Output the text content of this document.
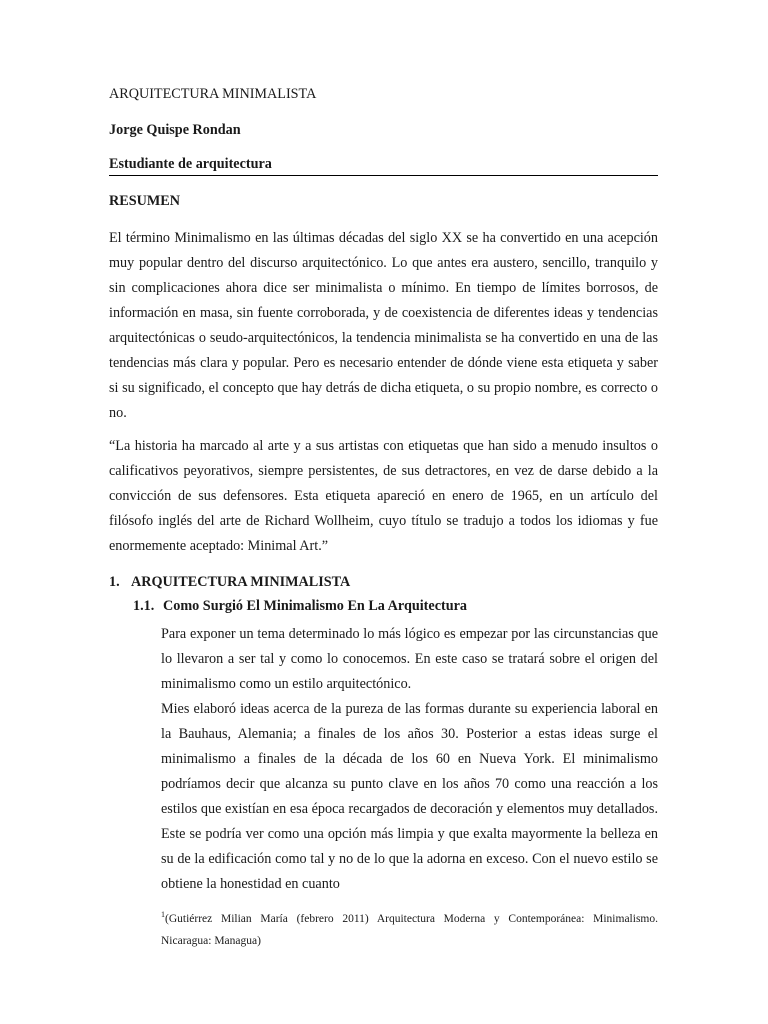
ARQUITECTURA MINIMALISTA
Jorge Quispe Rondan
Estudiante de arquitectura
RESUMEN
El término Minimalismo en las últimas décadas del siglo XX se ha convertido en una acepción muy popular dentro del discurso arquitectónico. Lo que antes era austero, sencillo, tranquilo y sin complicaciones ahora dice ser minimalista o mínimo. En tiempo de límites borrosos, de información en masa, sin fuente corroborada, y de coexistencia de diferentes ideas y tendencias arquitectónicas o seudo-arquitectónicos, la tendencia minimalista se ha convertido en una de las tendencias más clara y popular. Pero es necesario entender de dónde viene esta etiqueta y saber si su significado, el concepto que hay detrás de dicha etiqueta, o su propio nombre, es correcto o no.
“La historia ha marcado al arte y a sus artistas con etiquetas que han sido a menudo insultos o calificativos peyorativos, siempre persistentes, de sus detractores, en vez de darse debido a la convicción de sus defensores. Esta etiqueta apareció en enero de 1965, en un artículo del filósofo inglés del arte de Richard Wollheim, cuyo título se tradujo a todos los idiomas y fue enormemente aceptado: Minimal Art.”
1. ARQUITECTURA MINIMALISTA
1.1. Como Surgió El Minimalismo En La Arquitectura
Para exponer un tema determinado lo más lógico es empezar por las circunstancias que lo llevaron a ser tal y como lo conocemos. En este caso se tratará sobre el origen del minimalismo como un estilo arquitectónico.
Mies elaboró ideas acerca de la pureza de las formas durante su experiencia laboral en la Bauhaus, Alemania; a finales de los años 30. Posterior a estas ideas surge el minimalismo a finales de la década de los 60 en Nueva York. El minimalismo podríamos decir que alcanza su punto clave en los años 70 como una reacción a los estilos que existían en esa época recargados de decoración y elementos muy detallados. Este se podría ver como una opción más limpia y que exalta mayormente la belleza en su de la edificación como tal y no de lo que la adorna en exceso. Con el nuevo estilo se obtiene la honestidad en cuanto
$^1$(Gutiérrez Milian María (febrero 2011) Arquitectura Moderna y Contemporánea: Minimalismo. Nicaragua: Managua)
